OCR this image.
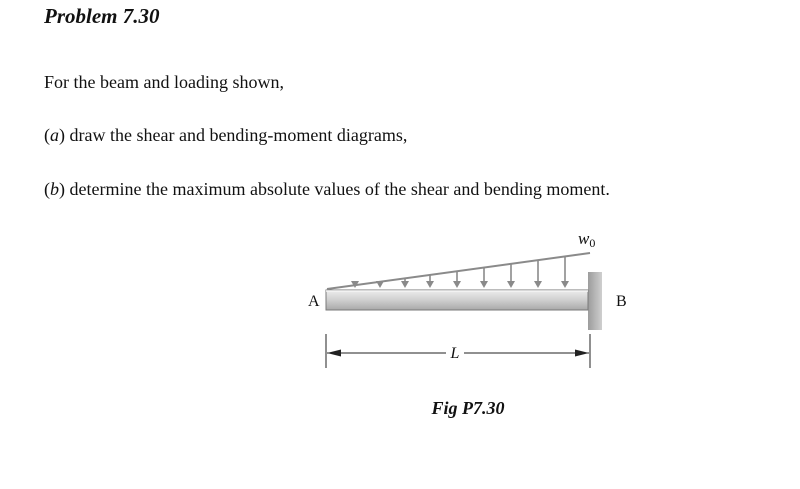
Problem 7.30
For the beam and loading shown,
(a) draw the shear and bending-moment diagrams,
(b) determine the maximum absolute values of the shear and bending moment.
w0
A	B
L
Fig P7.30
